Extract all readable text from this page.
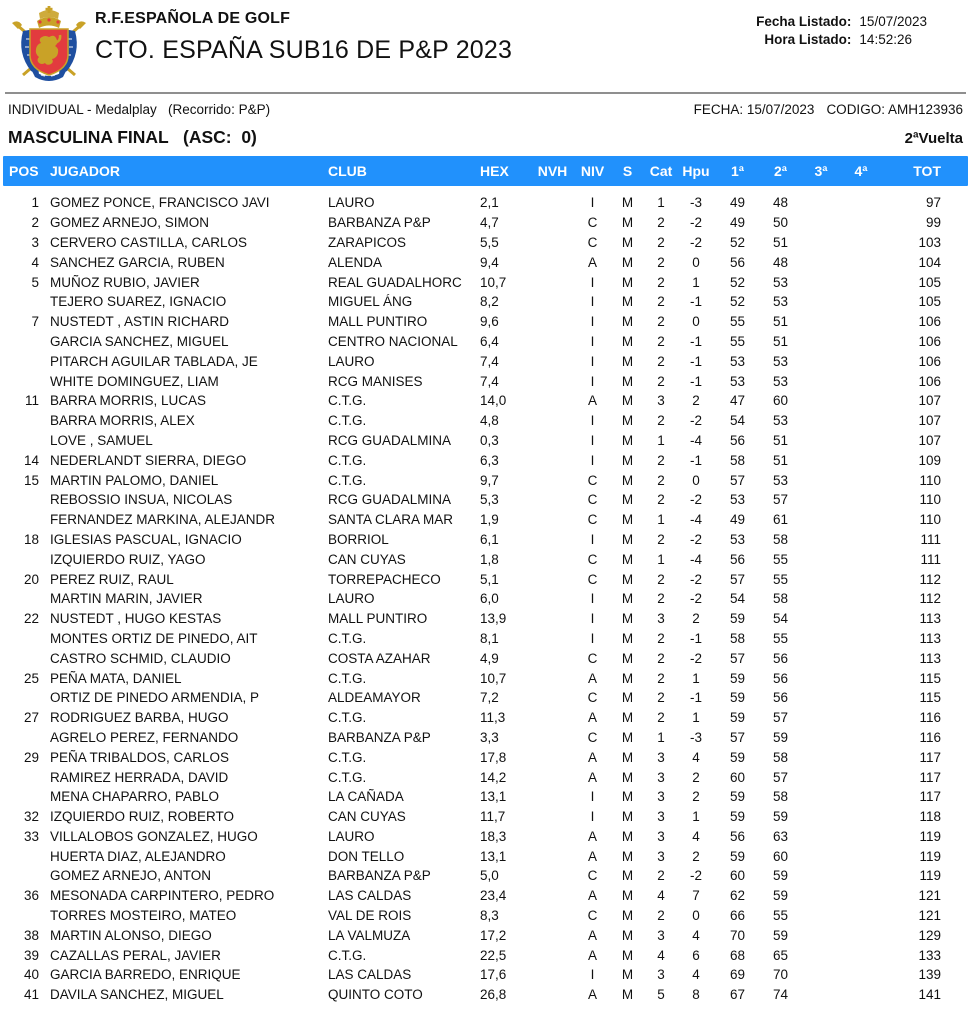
R.F.ESPAÑOLA DE GOLF
CTO. ESPAÑA SUB16 DE P&P 2023
Fecha Listado: 15/07/2023
Hora Listado: 14:52:26
INDIVIDUAL - Medalplay   (Recorrido: P&P)	FECHA: 15/07/2023 CODIGO: AMH123936
MASCULINA FINAL   (ASC:  0)	2ªVuelta
POS JUGADOR	CLUB	HEX	NVH NIV	S	Cat Hpu	1ª	2ª	3ª	4ª	TOT
1 GOMEZ PONCE, FRANCISCO JAVI	LAURO	2,1	I	M	1	-3	49	48	97
2 GOMEZ ARNEJO, SIMON	BARBANZA P&P	4,7	C	M	2	-2	49	50	99
3 CERVERO CASTILLA, CARLOS	ZARAPICOS	5,5	C	M	2	-2	52	51	103
4 SANCHEZ GARCIA, RUBEN	ALENDA	9,4	A	M	2	0	56	48	104
5 MUÑOZ RUBIO, JAVIER	REAL GUADALHORC	10,7	I	M	2	1	52	53	105
TEJERO SUAREZ, IGNACIO	MIGUEL ÁNG	8,2	I	M	2	-1	52	53	105
7 NUSTEDT , ASTIN RICHARD	MALL PUNTIRO	9,6	I	M	2	0	55	51	106
GARCIA SANCHEZ, MIGUEL	CENTRO NACIONAL	6,4	I	M	2	-1	55	51	106
PITARCH AGUILAR TABLADA, JE	LAURO	7,4	I	M	2	-1	53	53	106
WHITE DOMINGUEZ, LIAM	RCG MANISES	7,4	I	M	2	-1	53	53	106
11 BARRA MORRIS, LUCAS	C.T.G.	14,0	A	M	3	2	47	60	107
BARRA MORRIS, ALEX	C.T.G.	4,8	I	M	2	-2	54	53	107
LOVE , SAMUEL	RCG GUADALMINA	0,3	I	M	1	-4	56	51	107
14 NEDERLANDT SIERRA, DIEGO	C.T.G.	6,3	I	M	2	-1	58	51	109
15 MARTIN PALOMO, DANIEL	C.T.G.	9,7	C	M	2	0	57	53	110
REBOSSIO INSUA, NICOLAS	RCG GUADALMINA	5,3	C	M	2	-2	53	57	110
FERNANDEZ MARKINA, ALEJANDR	SANTA CLARA MAR	1,9	C	M	1	-4	49	61	110
18 IGLESIAS PASCUAL, IGNACIO	BORRIOL	6,1	I	M	2	-2	53	58	111
IZQUIERDO RUIZ, YAGO	CAN CUYAS	1,8	C	M	1	-4	56	55	111
20 PEREZ RUIZ, RAUL	TORREPACHECO	5,1	C	M	2	-2	57	55	112
MARTIN MARIN, JAVIER	LAURO	6,0	I	M	2	-2	54	58	112
22 NUSTEDT , HUGO KESTAS	MALL PUNTIRO	13,9	I	M	3	2	59	54	113
MONTES ORTIZ DE PINEDO, AIT	C.T.G.	8,1	I	M	2	-1	58	55	113
CASTRO SCHMID, CLAUDIO	COSTA AZAHAR	4,9	C	M	2	-2	57	56	113
25 PEÑA MATA, DANIEL	C.T.G.	10,7	A	M	2	1	59	56	115
ORTIZ DE PINEDO ARMENDIA, P	ALDEAMAYOR	7,2	C	M	2	-1	59	56	115
27 RODRIGUEZ BARBA, HUGO	C.T.G.	11,3	A	M	2	1	59	57	116
AGRELO PEREZ, FERNANDO	BARBANZA P&P	3,3	C	M	1	-3	57	59	116
29 PEÑA TRIBALDOS, CARLOS	C.T.G.	17,8	A	M	3	4	59	58	117
RAMIREZ HERRADA, DAVID	C.T.G.	14,2	A	M	3	2	60	57	117
MENA CHAPARRO, PABLO	LA CAÑADA	13,1	I	M	3	2	59	58	117
32 IZQUIERDO RUIZ, ROBERTO	CAN CUYAS	11,7	I	M	3	1	59	59	118
33 VILLALOBOS GONZALEZ, HUGO	LAURO	18,3	A	M	3	4	56	63	119
HUERTA DIAZ, ALEJANDRO	DON TELLO	13,1	A	M	3	2	59	60	119
GOMEZ ARNEJO, ANTON	BARBANZA P&P	5,0	C	M	2	-2	60	59	119
36 MESONADA CARPINTERO, PEDRO	LAS CALDAS	23,4	A	M	4	7	62	59	121
TORRES MOSTEIRO, MATEO	VAL DE ROIS	8,3	C	M	2	0	66	55	121
38 MARTIN ALONSO, DIEGO	LA VALMUZA	17,2	A	M	3	4	70	59	129
39 CAZALLAS PERAL, JAVIER	C.T.G.	22,5	A	M	4	6	68	65	133
40 GARCIA BARREDO, ENRIQUE	LAS CALDAS	17,6	I	M	3	4	69	70	139
41 DAVILA SANCHEZ, MIGUEL	QUINTO COTO	26,8	A	M	5	8	67	74	141
